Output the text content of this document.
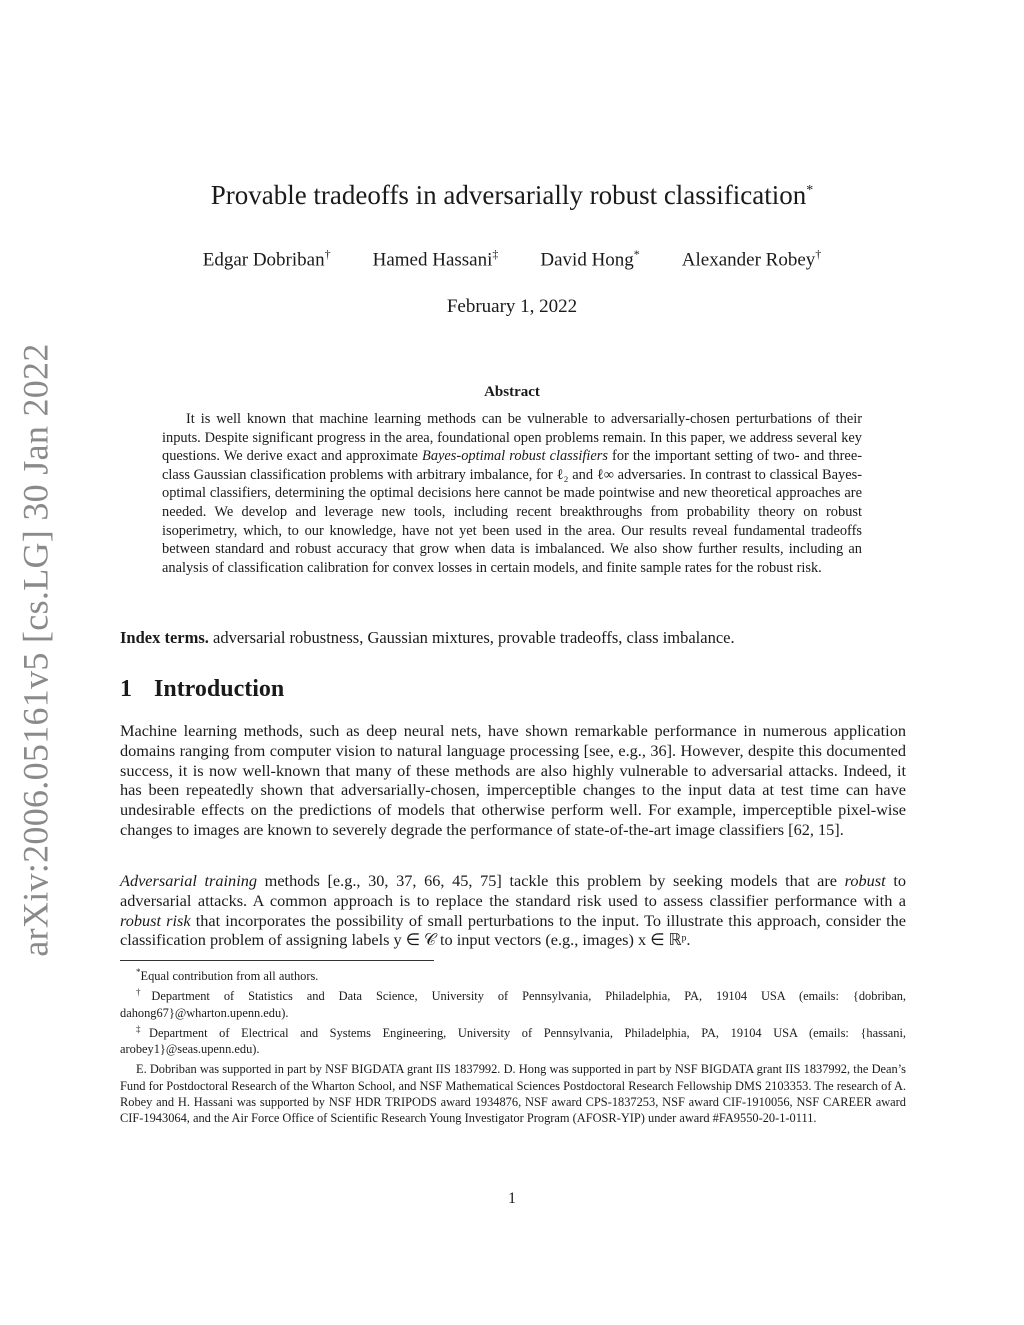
arXiv:2006.05161v5 [cs.LG] 30 Jan 2022
Provable tradeoffs in adversarially robust classification*
Edgar Dobriban† Hamed Hassani‡ David Hong* Alexander Robey†
February 1, 2022
Abstract
It is well known that machine learning methods can be vulnerable to adversarially-chosen perturbations of their inputs. Despite significant progress in the area, foundational open problems remain. In this paper, we address several key questions. We derive exact and approximate Bayes-optimal robust classifiers for the important setting of two- and three-class Gaussian classification problems with arbitrary imbalance, for ℓ₂ and ℓ∞ adversaries. In contrast to classical Bayes-optimal classifiers, determining the optimal decisions here cannot be made pointwise and new theoretical approaches are needed. We develop and leverage new tools, including recent breakthroughs from probability theory on robust isoperimetry, which, to our knowledge, have not yet been used in the area. Our results reveal fundamental tradeoffs between standard and robust accuracy that grow when data is imbalanced. We also show further results, including an analysis of classification calibration for convex losses in certain models, and finite sample rates for the robust risk.
Index terms. adversarial robustness, Gaussian mixtures, provable tradeoffs, class imbalance.
1 Introduction
Machine learning methods, such as deep neural nets, have shown remarkable performance in numerous application domains ranging from computer vision to natural language processing [see, e.g., 36]. However, despite this documented success, it is now well-known that many of these methods are also highly vulnerable to adversarial attacks. Indeed, it has been repeatedly shown that adversarially-chosen, imperceptible changes to the input data at test time can have undesirable effects on the predictions of models that otherwise perform well. For example, imperceptible pixel-wise changes to images are known to severely degrade the performance of state-of-the-art image classifiers [62, 15].
Adversarial training methods [e.g., 30, 37, 66, 45, 75] tackle this problem by seeking models that are robust to adversarial attacks. A common approach is to replace the standard risk used to assess classifier performance with a robust risk that incorporates the possibility of small perturbations to the input. To illustrate this approach, consider the classification problem of assigning labels y ∈ 𝒞 to input vectors (e.g., images) x ∈ ℝᵖ.

*Equal contribution from all authors.

†Department of Statistics and Data Science, University of Pennsylvania, Philadelphia, PA, 19104 USA (emails: {dobriban, dahong67}@wharton.upenn.edu).

‡Department of Electrical and Systems Engineering, University of Pennsylvania, Philadelphia, PA, 19104 USA (emails: {hassani, arobey1}@seas.upenn.edu).

E. Dobriban was supported in part by NSF BIGDATA grant IIS 1837992. D. Hong was supported in part by NSF BIGDATA grant IIS 1837992, the Dean’s Fund for Postdoctoral Research of the Wharton School, and NSF Mathematical Sciences Postdoctoral Research Fellowship DMS 2103353. The research of A. Robey and H. Hassani was supported by NSF HDR TRIPODS award 1934876, NSF award CPS-1837253, NSF award CIF-1910056, NSF CAREER award CIF-1943064, and the Air Force Office of Scientific Research Young Investigator Program (AFOSR-YIP) under award #FA9550-20-1-0111.

1
